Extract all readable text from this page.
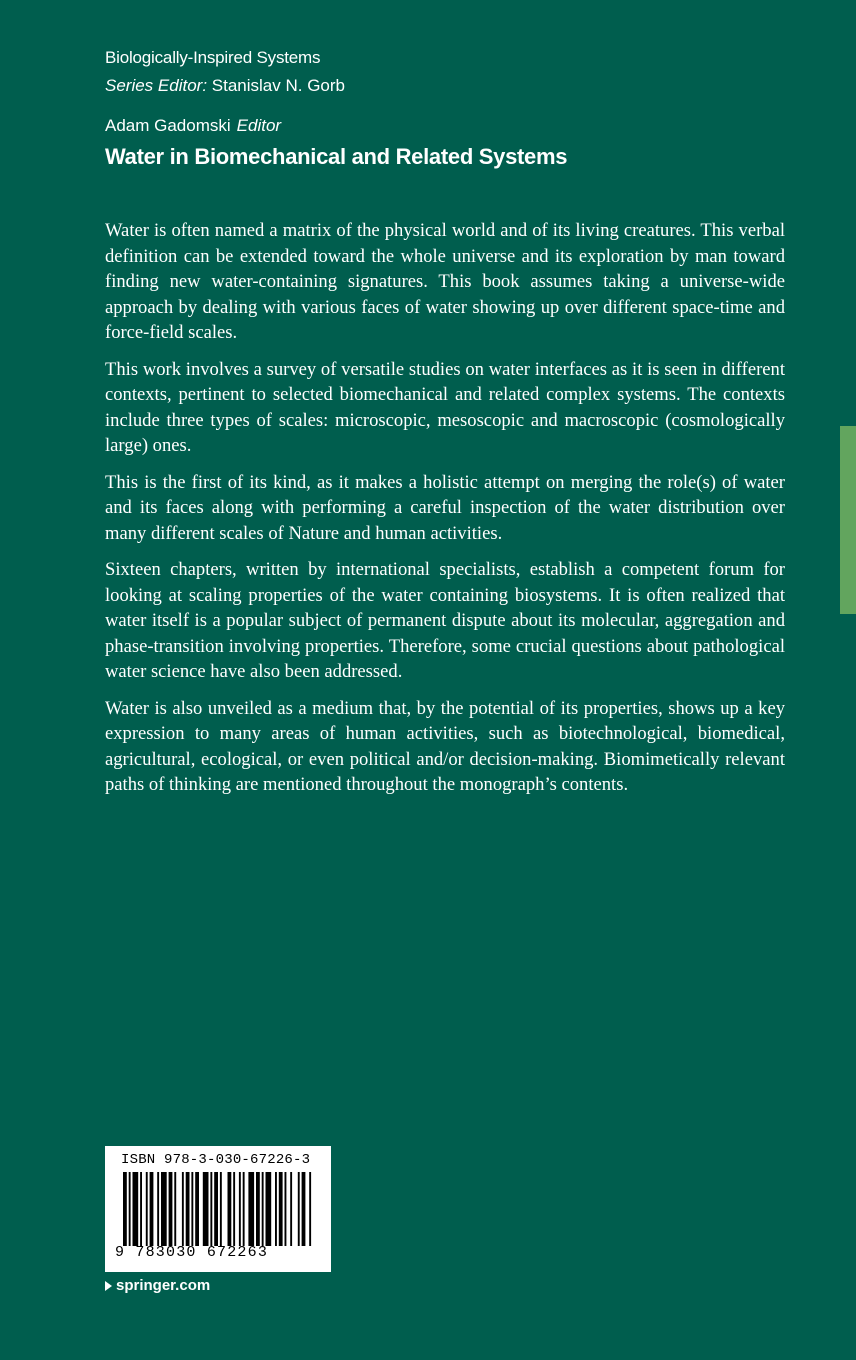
Biologically-Inspired Systems
Series Editor: Stanislav N. Gorb
Adam Gadomski Editor
Water in Biomechanical and Related Systems

Water is often named a matrix of the physical world and of its living creatures. This verbal definition can be extended toward the whole universe and its exploration by man toward finding new water-containing signatures. This book assumes taking a universe-wide approach by dealing with various faces of water showing up over different space-time and force-field scales.

This work involves a survey of versatile studies on water interfaces as it is seen in different contexts, pertinent to selected biomechanical and related complex systems. The contexts include three types of scales: microscopic, mesoscopic and macroscopic (cosmologically large) ones.

This is the first of its kind, as it makes a holistic attempt on merging the role(s) of water and its faces along with performing a careful inspection of the water distribution over many different scales of Nature and human activities.

Sixteen chapters, written by international specialists, establish a competent forum for looking at scaling properties of the water containing biosystems. It is often realized that water itself is a popular subject of permanent dispute about its molecular, aggregation and phase-transition involving properties. Therefore, some crucial questions about pathological water science have also been addressed.

Water is also unveiled as a medium that, by the potential of its properties, shows up a key expression to many areas of human activities, such as biotechnological, biomedical, agricultural, ecological, or even political and/or decision-making. Biomimetically relevant paths of thinking are mentioned throughout the monograph’s contents.

ISBN 978-3-030-67226-3
9 783030 672263
springer.com
